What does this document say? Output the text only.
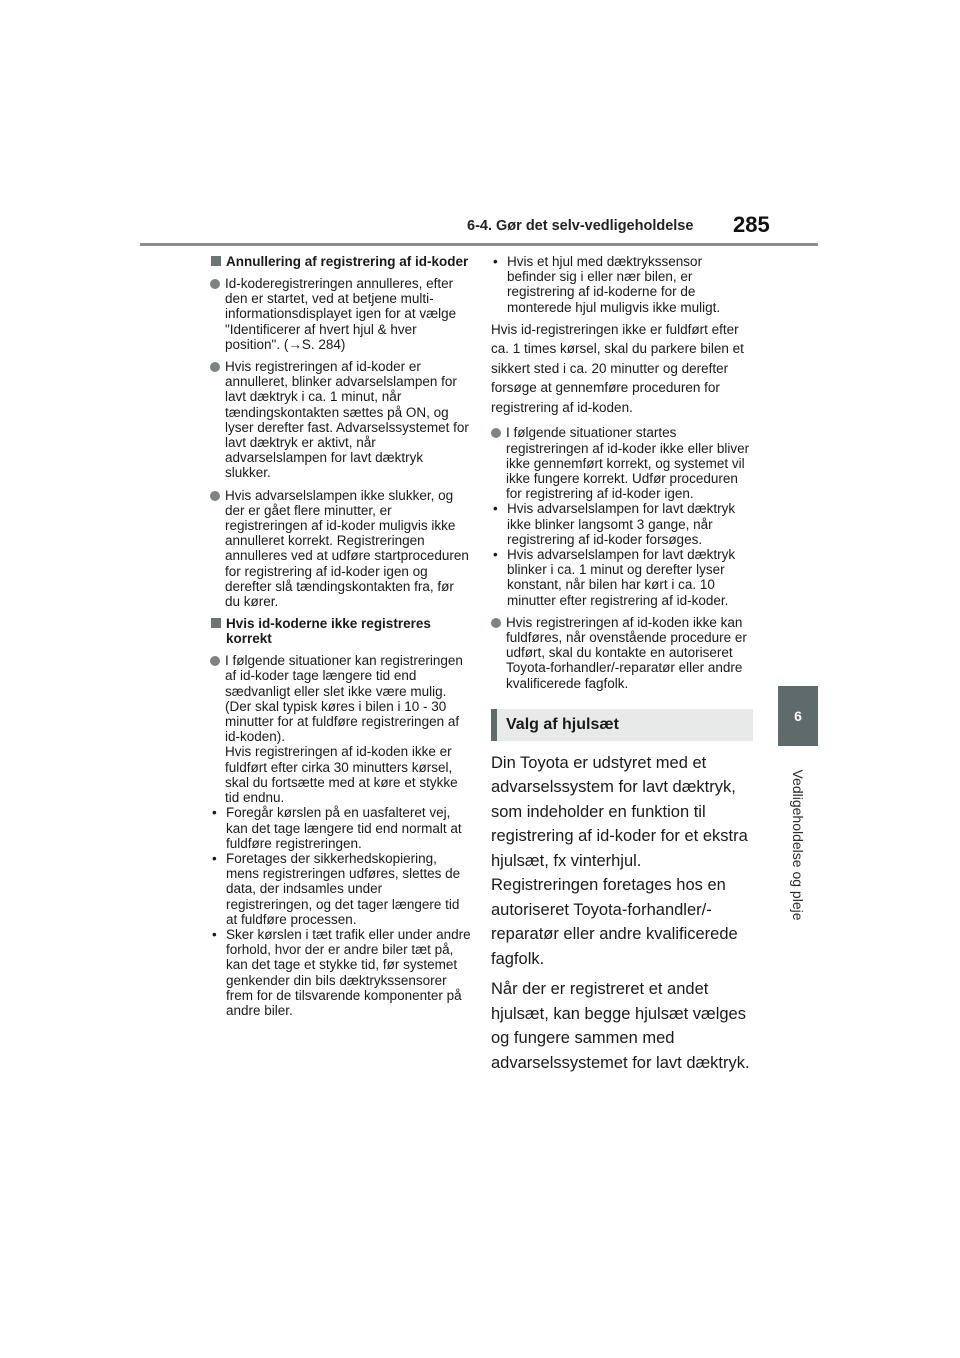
6-4. Gør det selv-vedligeholdelse 285
6
Vedligeholdelse og pleje
Annullering af registrering af id-koder
Id-koderegistreringen annulleres, efter den er startet, ved at betjene multi-informationsdisplayet igen for at vælge "Identificerer af hvert hjul & hver position". (→S. 284)
Hvis registreringen af id-koder er annulleret, blinker advarselslampen for lavt dæktryk i ca. 1 minut, når tændingskontakten sættes på ON, og lyser derefter fast. Advarselssystemet for lavt dæktryk er aktivt, når advarselslampen for lavt dæktryk slukker.
Hvis advarselslampen ikke slukker, og der er gået flere minutter, er registreringen af id-koder muligvis ikke annulleret korrekt. Registreringen annulleres ved at udføre startproceduren for registrering af id-koder igen og derefter slå tændingskontakten fra, før du kører.
Hvis id-koderne ikke registreres korrekt
I følgende situationer kan registreringen af id-koder tage længere tid end sædvanligt eller slet ikke være mulig. (Der skal typisk køres i bilen i 10 - 30 minutter for at fuldføre registreringen af id-koden).
Hvis registreringen af id-koden ikke er fuldført efter cirka 30 minutters kørsel, skal du fortsætte med at køre et stykke tid endnu.
• Foregår kørslen på en uasfalteret vej, kan det tage længere tid end normalt at fuldføre registreringen.
• Foretages der sikkerhedskopiering, mens registreringen udføres, slettes de data, der indsamles under registreringen, og det tager længere tid at fuldføre processen.
• Sker kørslen i tæt trafik eller under andre forhold, hvor der er andre biler tæt på, kan det tage et stykke tid, før systemet genkender din bils dæktrykssensorer frem for de tilsvarende komponenter på andre biler.
• Hvis et hjul med dæktrykssensor befinder sig i eller nær bilen, er registrering af id-koderne for de monterede hjul muligvis ikke muligt.

Hvis id-registreringen ikke er fuldført efter ca. 1 times kørsel, skal du parkere bilen et sikkert sted i ca. 20 minutter og derefter forsøge at gennemføre proceduren for registrering af id-koden.

I følgende situationer startes registreringen af id-koder ikke eller bliver ikke gennemført korrekt, og systemet vil ikke fungere korrekt. Udfør proceduren for registrering af id-koder igen.
• Hvis advarselslampen for lavt dæktryk ikke blinker langsomt 3 gange, når registrering af id-koder forsøges.
• Hvis advarselslampen for lavt dæktryk blinker i ca. 1 minut og derefter lyser konstant, når bilen har kørt i ca. 10 minutter efter registrering af id-koder.
Hvis registreringen af id-koden ikke kan fuldføres, når ovenstående procedure er udført, skal du kontakte en autoriseret Toyota-forhandler/-reparatør eller andre kvalificerede fagfolk.
Valg af hjulsæt

Din Toyota er udstyret med et advarselssystem for lavt dæktryk, som indeholder en funktion til registrering af id-koder for et ekstra hjulsæt, fx vinterhjul. Registreringen foretages hos en autoriseret Toyota-forhandler/-reparatør eller andre kvalificerede fagfolk.

Når der er registreret et andet hjulsæt, kan begge hjulsæt vælges og fungere sammen med advarselssystemet for lavt dæktryk.
